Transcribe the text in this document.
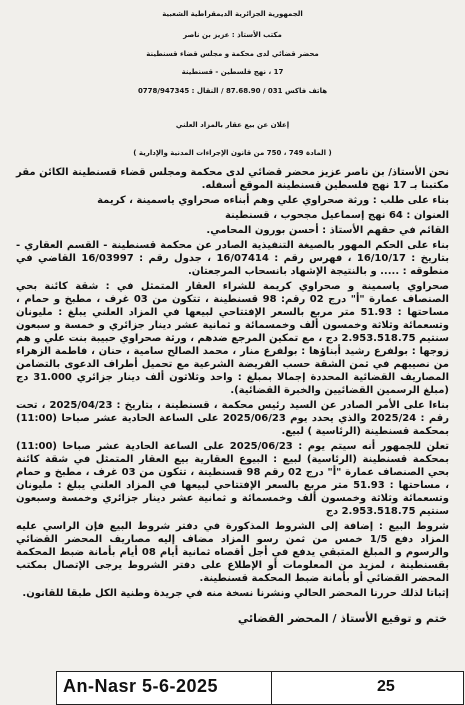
الجمهورية الجزائرية الديمقراطية الشعبية
مكتب الأستاذ : عزيز بن ناصر
محضر قضائي لدى محكمة و مجلس قضاء قسنطينة
17 ، نهج فلسطين - قسنطينة
هاتف فاكس 031 / 87.68.90 / النقال : 0778/947345
إعلان عن بيع عقار بالمزاد العلني
( المادة 749 ، 750 من قانون الإجراءات المدنية والإدارية )

نحن الأستاذ/ بن ناصر عزيز محضر قضائي لدى محكمة ومجلس قضاء قسنطينة الكائن مقر مكتبنا بـ 17 نهج فلسطين قسنطينة الموقع أسفله.

بناء على طلب : ورثة صحراوي علي وهم أبناءه صحراوي ياسمينة ، كريمة

العنوان : 64 نهج إسماعيل مجحوب ، قسنطينة

القائم في حقهم الأستاذ : أحسن بورون المحامي.

بناء على الحكم المهور بالصيغة التنفيذية الصادر عن محكمة قسنطينة - القسم العقاري - بتاريخ : 16/10/17 ، فهرس رقم : 16/07414 ، جدول رقم : 16/03997 القاضي في منطوقه : ..... و بالنتيجة الإشهاد بانسحاب المرجعتان.

صحراوي ياسمينة و صحراوي كريمة للشراء العقار المتمثل في : شقة كائنة بحي الصنصاف عمارة "أ" درج 02 رقم: 98 قسنطينة ، تتكون من 03 غرف ، مطبخ و حمام ، مساحتها : 51.93 متر مربع بالسعر الإفتتاحي لبيعها في المزاد العلني يبلغ : مليونان وتسعمائة وثلاثة وخمسون ألف وخمسمائة و ثمانية عشر دينار جزائري و خمسة و سبعون سنتيم 2.953.518.75 دج ، مع تمكين المرجع ضدهم ، ورثة صحراوي حبيبة بنت علي و هم زوجها : بولفرع رشيد أبناؤها : بولفرع منار ، محمد الصالح سامية ، حنان ، فاطمة الزهراء من نصيبهم في ثمن الشقة حسب الفريضة الشرعية مع تحميل أطراف الدعوى بالتضامن المصاريف القضائية المحددة إجمالا بمبلغ : واحد وثلاثون ألف دينار جزائري 31.000 دج (مبلغ الرسمين القضائيين والخبرة القضائية).

بناءا على الأمر الصادر عن السيد رئيس محكمة ، قسنطينة ، بتاريخ : 2025/04/23 ، تحت رقم : 2025/24 والذي يحدد يوم 2025/06/23 على الساعة الحادية عشر صباحا (11:00) بمحكمة قسنطينة (الرئاسية ) لبيع.

تعلن للجمهور أنه سيتم يوم : 2025/06/23 على الساعة الحادية عشر صباحا (11:00) بمحكمة قسنطينة (الرئاسية) لبيع : البيوع العقارية بيع العقار المتمثل في شقة كائنة بحي الصنصاف عمارة "أ" درج 02 رقم 98 قسنطينة ، تتكون من 03 غرف ، مطبخ و حمام ، مساحتها : 51.93 متر مربع بالسعر الإفتتاحي لبيعها في المزاد العلني يبلغ : مليونان وتسعمائة وثلاثة وخمسون ألف وخمسمائة و ثمانية عشر دينار جزائري وخمسة وسبعون سنتيم 2.953.518.75 دج

شروط البيع : إضافة إلى الشروط المذكورة في دفتر شروط البيع فإن الراسي عليه المزاد دفع 1/5 خمس من ثمن رسو المزاد مضاف إليه مصاريف المحضر القضائي والرسوم و المبلغ المتبقي يدفع في أجل أقصاه ثمانية أيام 08 أيام بأمانة ضبط المحكمة بقسنطينة ، لمزيد من المعلومات أو الإطلاع على دفتر الشروط يرجى الإتصال بمكتب المحضر القضائي أو بأمانة ضبط المحكمة قسنطينة.

إثباتا لذلك حررنا المحضر الحالي ونشرنا نسخة منه في جريدة وطنية الكل طبقا للقانون.

ختم و توقيع الأستاذ / المحضر القضائي
An-Nasr 5-6-2025	25
